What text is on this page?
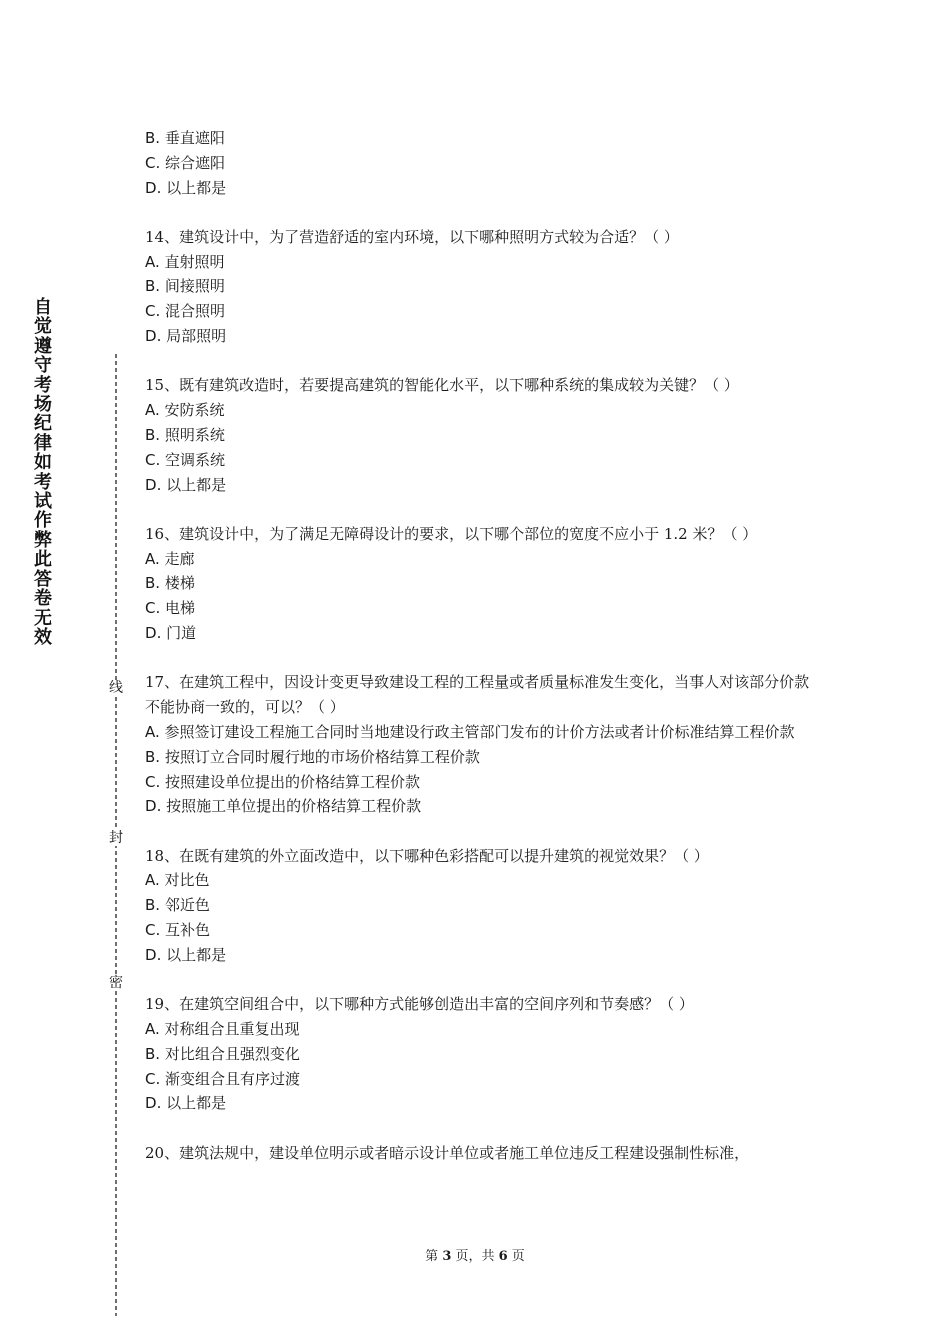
自觉遵守考场纪律如考试作弊此答卷无效
线
封
密
B. 垂直遮阳
C. 综合遮阳
D. 以上都是
14、建筑设计中，为了营造舒适的室内环境，以下哪种照明方式较为合适？（ ）
A. 直射照明
B. 间接照明
C. 混合照明
D. 局部照明
15、既有建筑改造时，若要提高建筑的智能化水平，以下哪种系统的集成较为关键？（ ）
A. 安防系统
B. 照明系统
C. 空调系统
D. 以上都是
16、建筑设计中，为了满足无障碍设计的要求，以下哪个部位的宽度不应小于 1.2 米？（ ）
A. 走廊
B. 楼梯
C. 电梯
D. 门道
17、在建筑工程中，因设计变更导致建设工程的工程量或者质量标准发生变化，当事人对该部分价款不能协商一致的，可以？（ ）
A. 参照签订建设工程施工合同时当地建设行政主管部门发布的计价方法或者计价标准结算工程价款
B. 按照订立合同时履行地的市场价格结算工程价款
C. 按照建设单位提出的价格结算工程价款
D. 按照施工单位提出的价格结算工程价款
18、在既有建筑的外立面改造中，以下哪种色彩搭配可以提升建筑的视觉效果？（ ）
A. 对比色
B. 邻近色
C. 互补色
D. 以上都是
19、在建筑空间组合中，以下哪种方式能够创造出丰富的空间序列和节奏感？（ ）
A. 对称组合且重复出现
B. 对比组合且强烈变化
C. 渐变组合且有序过渡
D. 以上都是
20、建筑法规中，建设单位明示或者暗示设计单位或者施工单位违反工程建设强制性标准，
第 3 页，共 6 页
